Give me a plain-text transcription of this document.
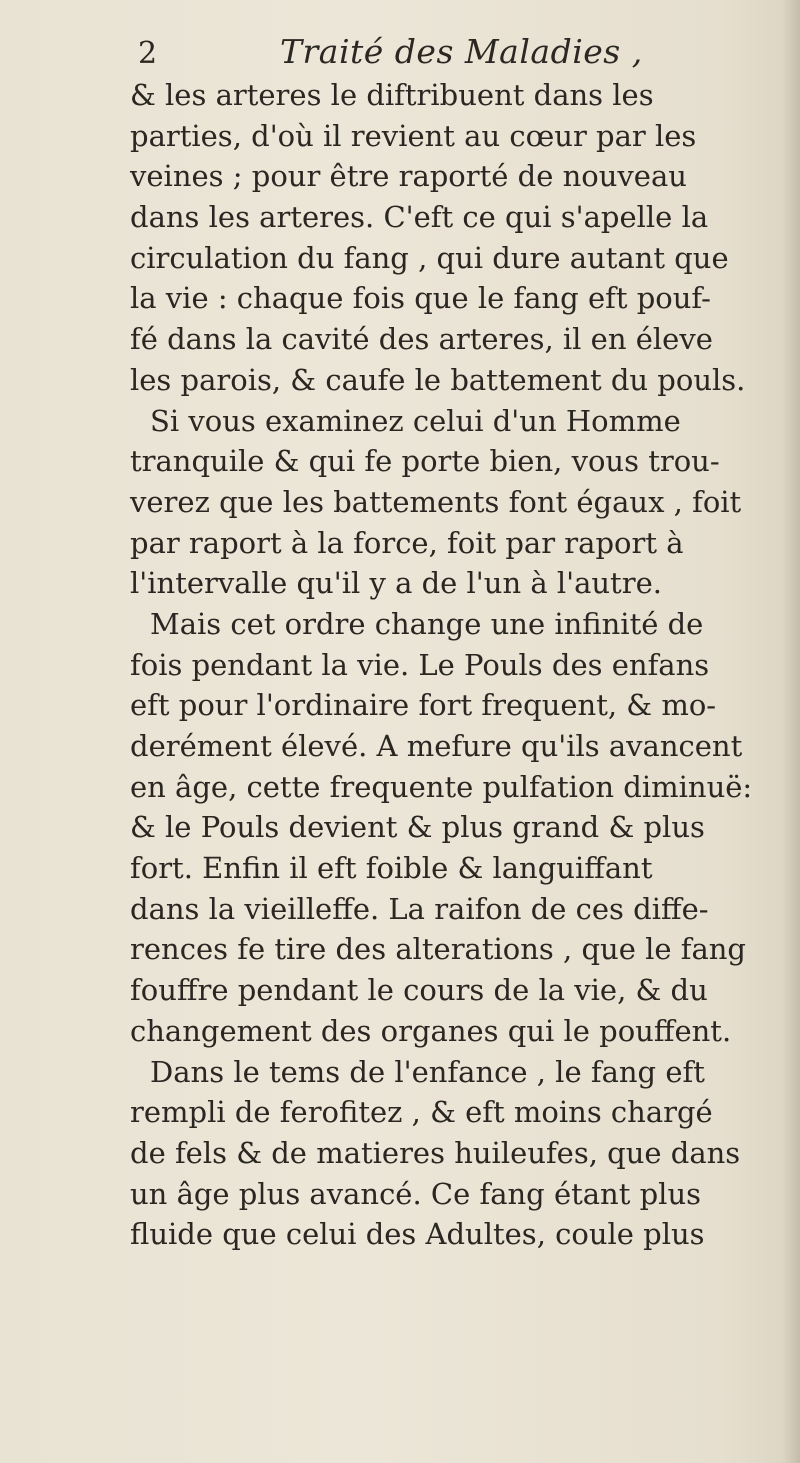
2	Traité des Maladies ,
& les arteres le diftribuent dans les
parties, d'où il revient au cœur par les
veines ; pour être raporté de nouveau
dans les arteres. C'eft ce qui s'apelle la
circulation du fang , qui dure autant que
la vie : chaque fois que le fang eft pouf-
fé dans la cavité des arteres, il en éleve
les parois, & caufe le battement du pouls.
Si vous examinez celui d'un Homme
tranquile & qui fe porte bien, vous trou-
verez que les battements font égaux , foit
par raport à la force, foit par raport à
l'intervalle qu'il y a de l'un à l'autre.
Mais cet ordre change une infinité de
fois pendant la vie. Le Pouls des enfans
eft pour l'ordinaire fort frequent, & mo-
derément élevé. A mefure qu'ils avancent
en âge, cette frequente pulfation diminuë:
& le Pouls devient & plus grand & plus
fort. Enfin il eft foible & languiffant
dans la vieilleffe. La raifon de ces diffe-
rences fe tire des alterations , que le fang
fouffre pendant le cours de la vie, & du
changement des organes qui le pouffent.
Dans le tems de l'enfance , le fang eft
rempli de ferofitez , & eft moins chargé
de fels & de matieres huileufes, que dans
un âge plus avancé. Ce fang étant plus
fluide que celui des Adultes, coule plus
